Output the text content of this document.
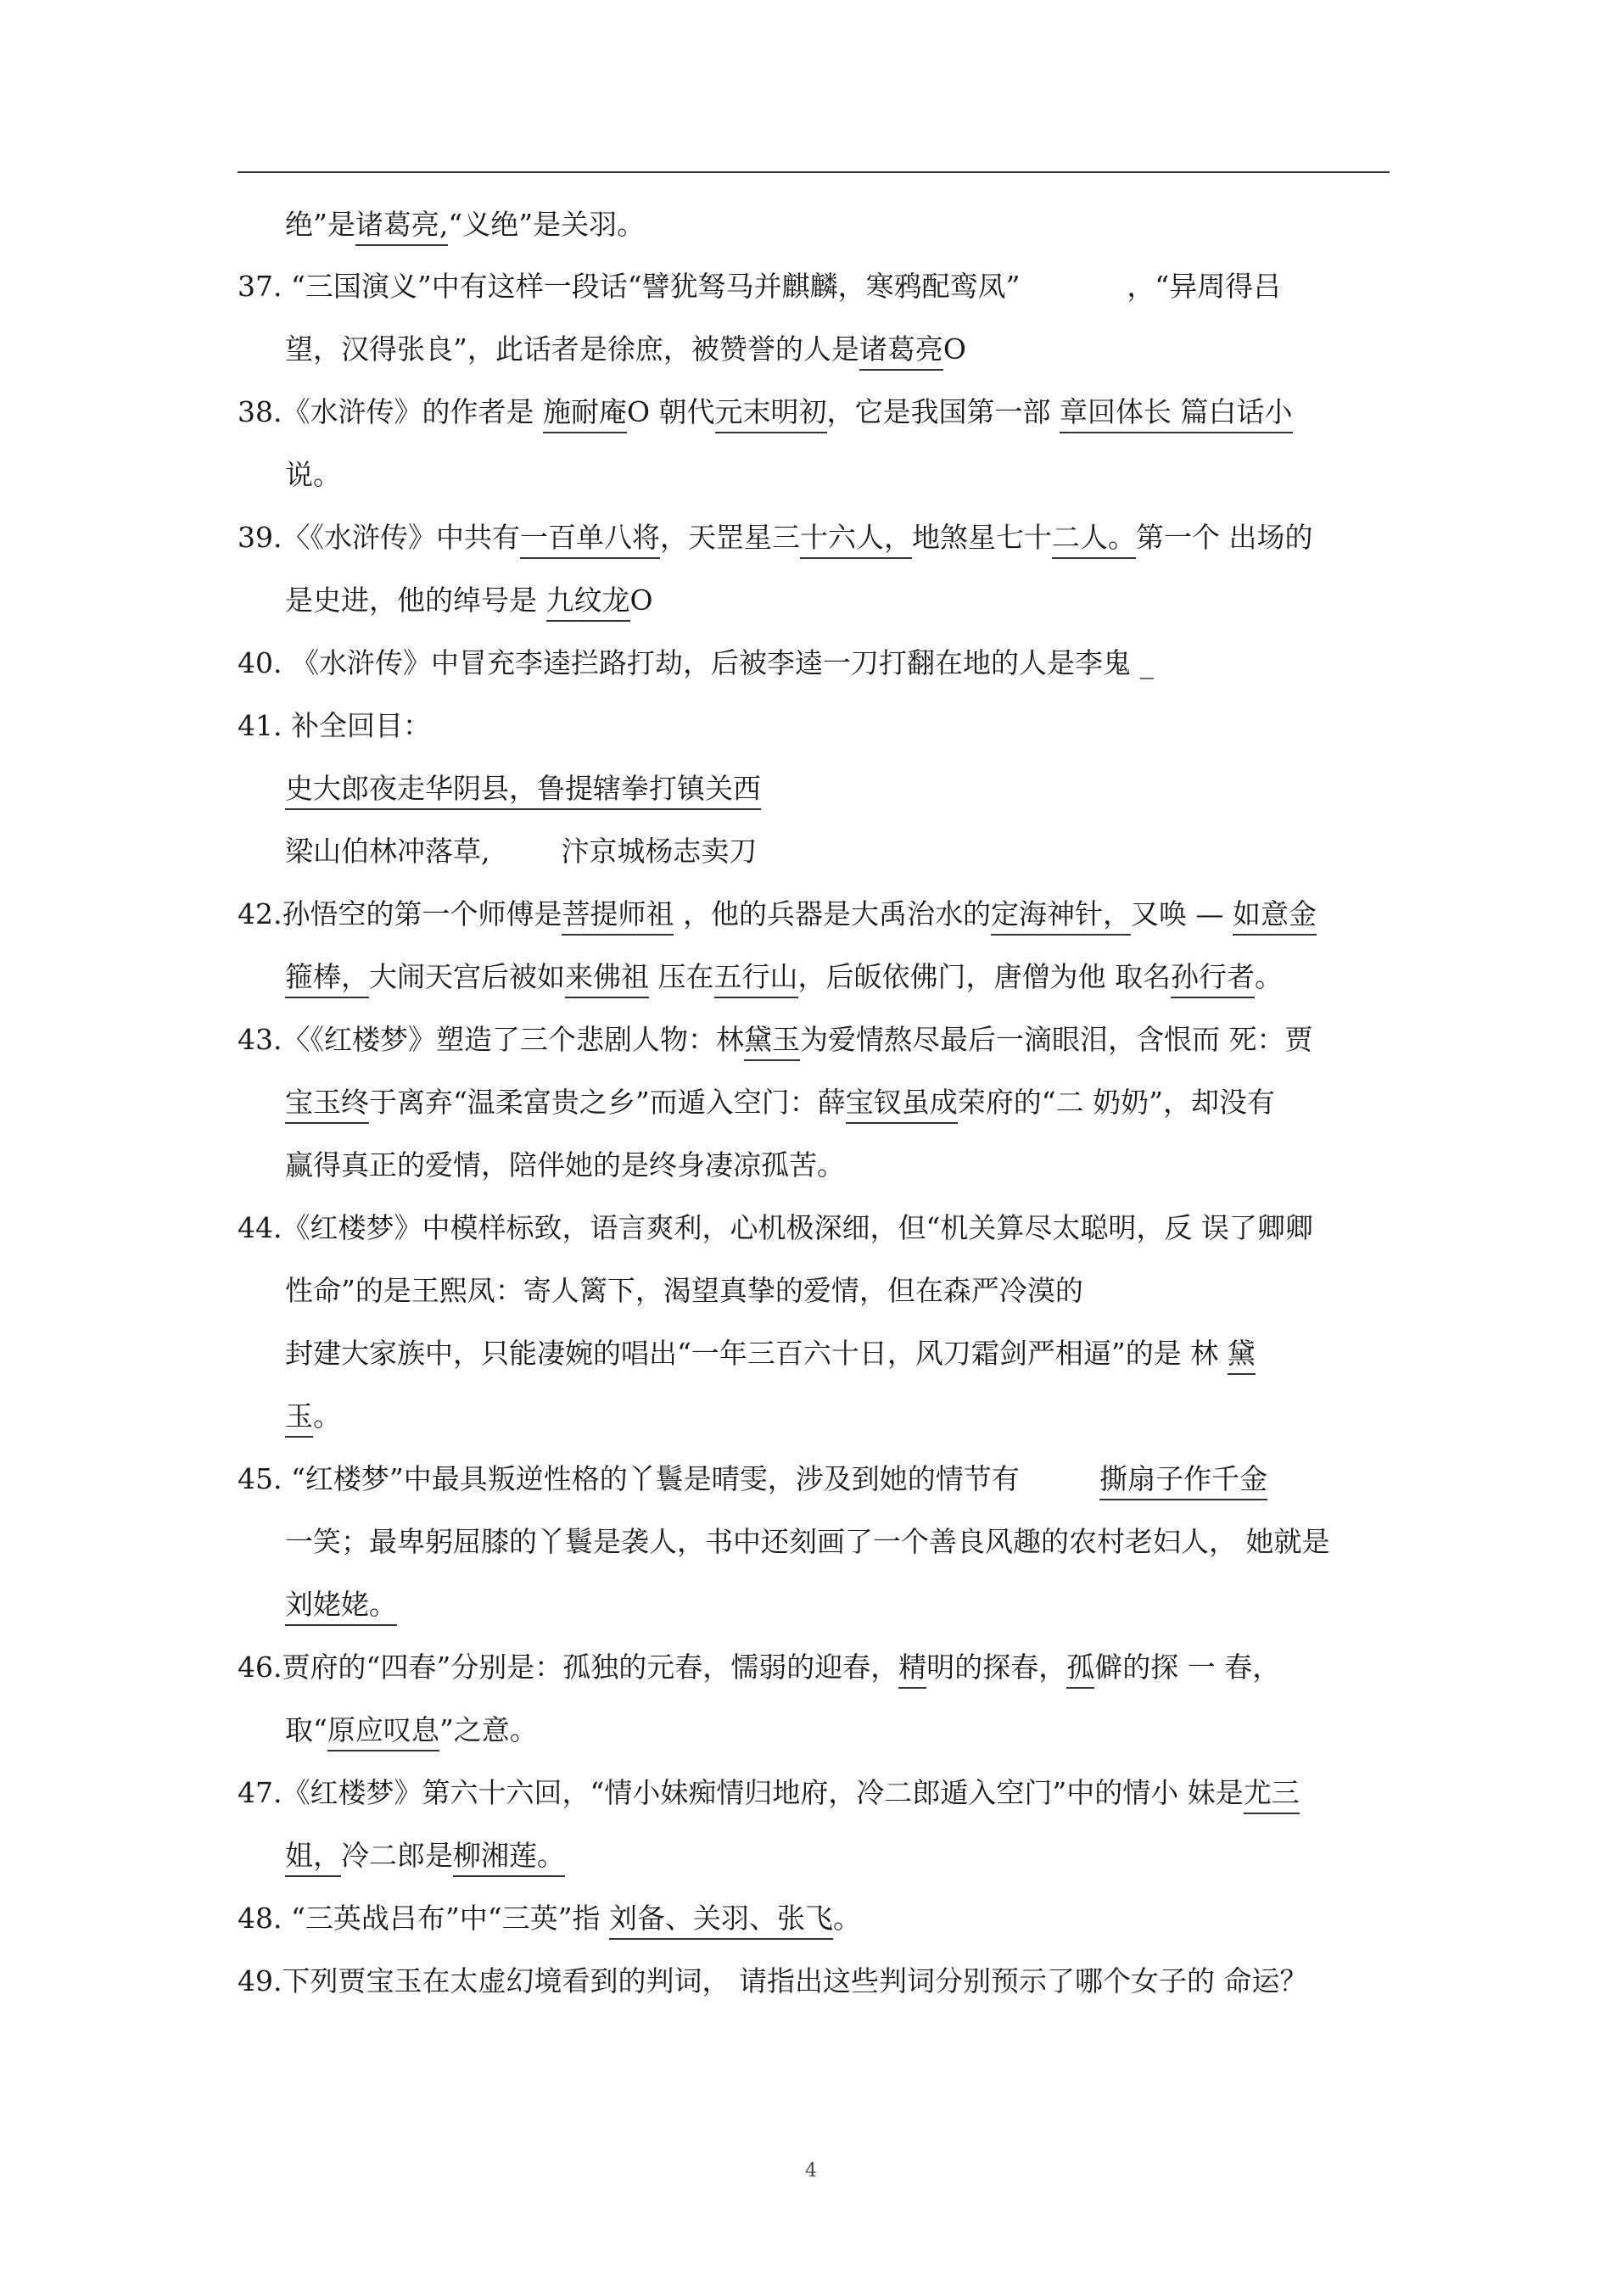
绝”是诸葛亮,“义绝”是关羽。
37. “三国演义”中有这样一段话“譬犹驽马并麒麟，寒鸦配鸾凤”            ，“异周得吕
望，汉得张良”，此话者是徐庶，被赞誉的人是诸葛亮O
38.《水浒传》的作者是 施耐庵O 朝代元末明初，它是我国第一部 章回体长 篇白话小
说。
39.〈《水浒传》中共有一百单八将，天罡星三十六人，地煞星七十二人。第一个 出场的
是史进，他的绰号是 九纹龙O
40. 《水浒传》中冒充李逵拦路打劫，后被李逵一刀打翻在地的人是李鬼 _
41. 补全回目：
史大郎夜走华阴县，鲁提辖拳打镇关西
梁山伯林冲落草,        汴京城杨志卖刀
42.孙悟空的第一个师傅是菩提师祖 ，他的兵器是大禹治水的定海神针，又唤 — 如意金
箍棒，大闹天宫后被如来佛祖 压在五行山，后皈依佛门，唐僧为他 取名孙行者。
43.〈《红楼梦》塑造了三个悲剧人物：林黛玉为爱情熬尽最后一滴眼泪，含恨而 死：贾
宝玉终于离弃“温柔富贵之乡”而遁入空门：薛宝钗虽成荣府的“二 奶奶”，却没有
赢得真正的爱情，陪伴她的是终身凄凉孤苦。
44.《红楼梦》中模样标致，语言爽利，心机极深细，但“机关算尽太聪明，反 误了卿卿
性命”的是王熙凤：寄人篱下，渴望真挚的爱情，但在森严冷漠的
封建大家族中，只能凄婉的唱出“一年三百六十日，风刀霜剑严相逼”的是 林 黛
玉。
45. “红楼梦”中最具叛逆性格的丫鬟是晴雯，涉及到她的情节有         撕扇子作千金
一笑；最卑躬屈膝的丫鬟是袭人，书中还刻画了一个善良风趣的农村老妇人， 她就是
刘姥姥。
46.贾府的“四春”分别是：孤独的元春，懦弱的迎春，精明的探春，孤僻的探 一 春，
取“原应叹息”之意。
47.《红楼梦》第六十六回，“情小妹痴情归地府，冷二郎遁入空门”中的情小 妹是尤三
姐，冷二郎是柳湘莲。
48. “三英战吕布”中“三英”指 刘备、关羽、张飞。
49.下列贾宝玉在太虚幻境看到的判词， 请指出这些判词分别预示了哪个女子的 命运？
4
